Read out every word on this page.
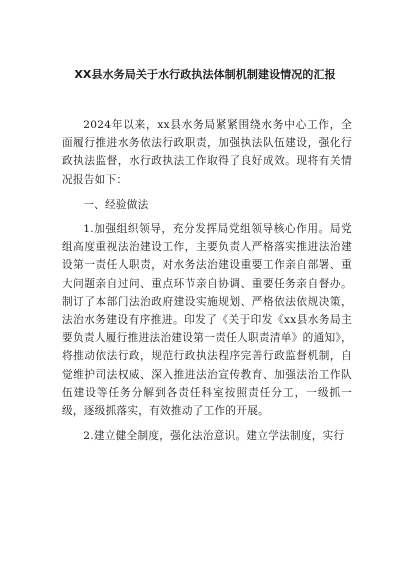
XX县水务局关于水行政执法体制机制建设情况的汇报

2024年以来，xx县水务局紧紧围绕水务中心工作，全面履行推进水务依法行政职责，加强执法队伍建设，强化行政执法监督，水行政执法工作取得了良好成效。现将有关情况报告如下：

一、经验做法

1.加强组织领导，充分发挥局党组领导核心作用。局党组高度重视法治建设工作，主要负责人严格落实推进法治建设第一责任人职责，对水务法治建设重要工作亲自部署、重大问题亲自过问、重点环节亲自协调、重要任务亲自督办。制订了本部门法治政府建设实施规划、严格依法依规决策，法治水务建设有序推进。印发了《关于印发《xx县水务局主要负责人履行推进法治建设第一责任人职责清单》的通知》，将推动依法行政，规范行政执法程序完善行政监督机制，自觉维护司法权威、深入推进法治宣传教育、加强法治工作队伍建设等任务分解到各责任科室按照责任分工，一级抓一级，逐级抓落实，有效推动了工作的开展。

2.建立健全制度，强化法治意识。建立学法制度，实行
